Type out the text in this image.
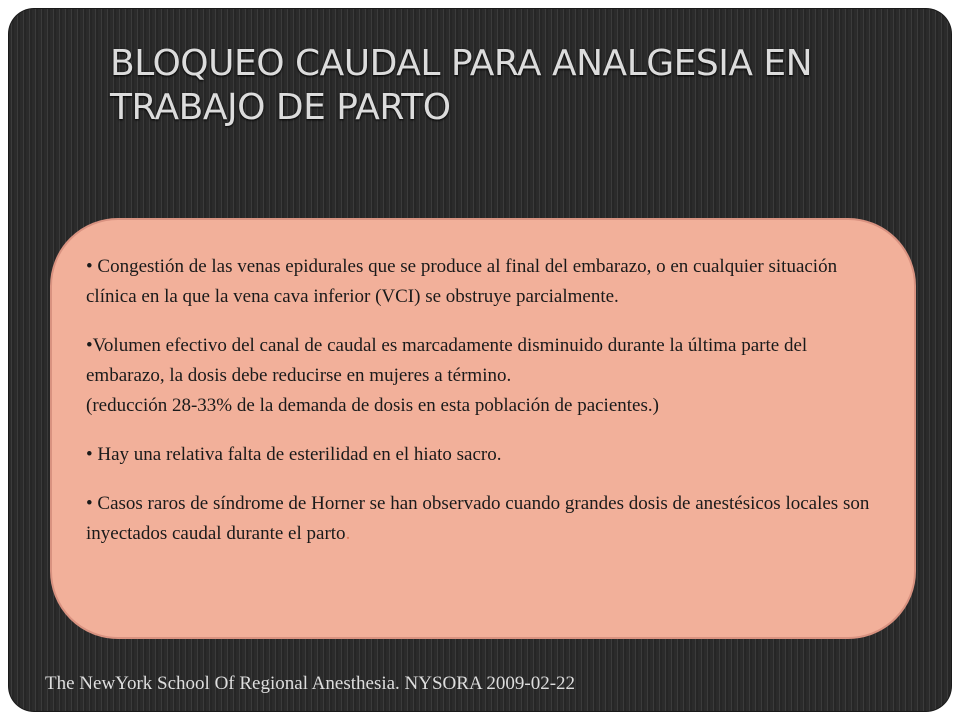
BLOQUEO CAUDAL PARA ANALGESIA EN TRABAJO DE PARTO

• Congestión de las venas epidurales que se produce al final del embarazo, o en cualquier situación clínica en la que la vena cava inferior (VCI) se obstruye parcialmente.

•Volumen efectivo del canal de caudal es marcadamente disminuido durante la última parte del embarazo, la dosis debe reducirse en mujeres a término.
(reducción 28-33% de la demanda de dosis en esta población de pacientes.)

• Hay una relativa falta de esterilidad en el hiato sacro.

• Casos raros de síndrome de Horner se han observado cuando grandes dosis de anestésicos locales son inyectados caudal durante el parto.

The NewYork School Of Regional Anesthesia. NYSORA 2009-02-22
